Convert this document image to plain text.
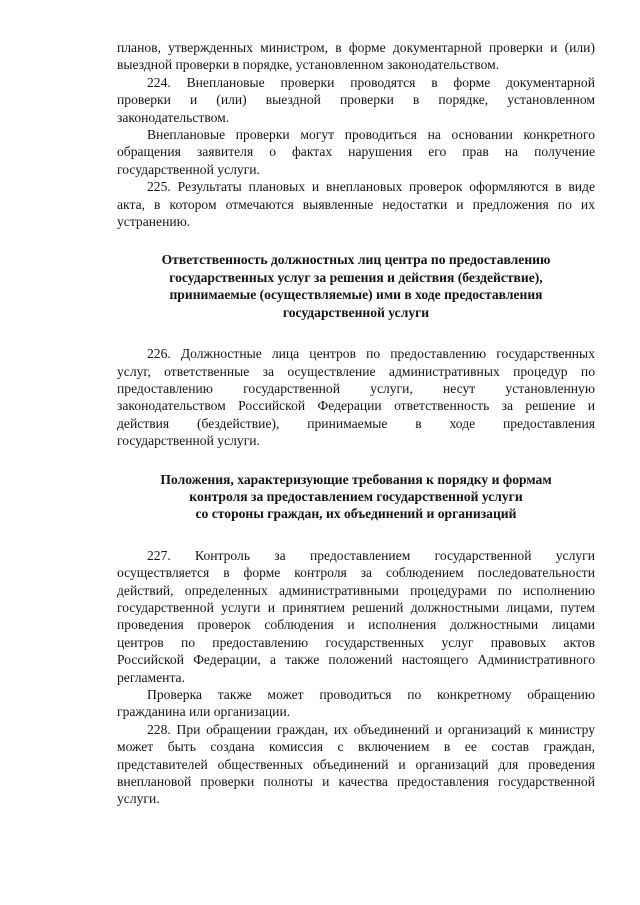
планов, утвержденных министром, в форме документарной проверки и (или)

выездной проверки в порядке, установленном законодательством.

224. Внеплановые проверки проводятся в форме документарной

проверки и (или) выездной проверки в порядке, установленном

законодательством.

Внеплановые проверки могут проводиться на основании конкретного

обращения заявителя о фактах нарушения его прав на получение

государственной услуги.

225. Результаты плановых и внеплановых проверок оформляются в виде

акта, в котором отмечаются выявленные недостатки и предложения по их

устранению.

Ответственность должностных лиц центра по предоставлению
государственных услуг за решения и действия (бездействие),
принимаемые (осуществляемые) ими в ходе предоставления
государственной услуги

226. Должностные лица центров по предоставлению государственных

услуг, ответственные за осуществление административных процедур по

предоставлению государственной услуги, несут установленную

законодательством Российской Федерации ответственность за решение и

действия (бездействие), принимаемые в ходе предоставления

государственной услуги.

Положения, характеризующие требования к порядку и формам
контроля за предоставлением государственной услуги
со стороны граждан, их объединений и организаций

227. Контроль за предоставлением государственной услуги

осуществляется в форме контроля за соблюдением последовательности

действий, определенных административными процедурами по исполнению

государственной услуги и принятием решений должностными лицами, путем

проведения проверок соблюдения и исполнения должностными лицами

центров по предоставлению государственных услуг правовых актов

Российской Федерации, а также положений настоящего Административного

регламента.

Проверка также может проводиться по конкретному обращению

гражданина или организации.

228. При обращении граждан, их объединений и организаций к министру

может быть создана комиссия с включением в ее состав граждан,

представителей общественных объединений и организаций для проведения

внеплановой проверки полноты и качества предоставления государственной

услуги.
